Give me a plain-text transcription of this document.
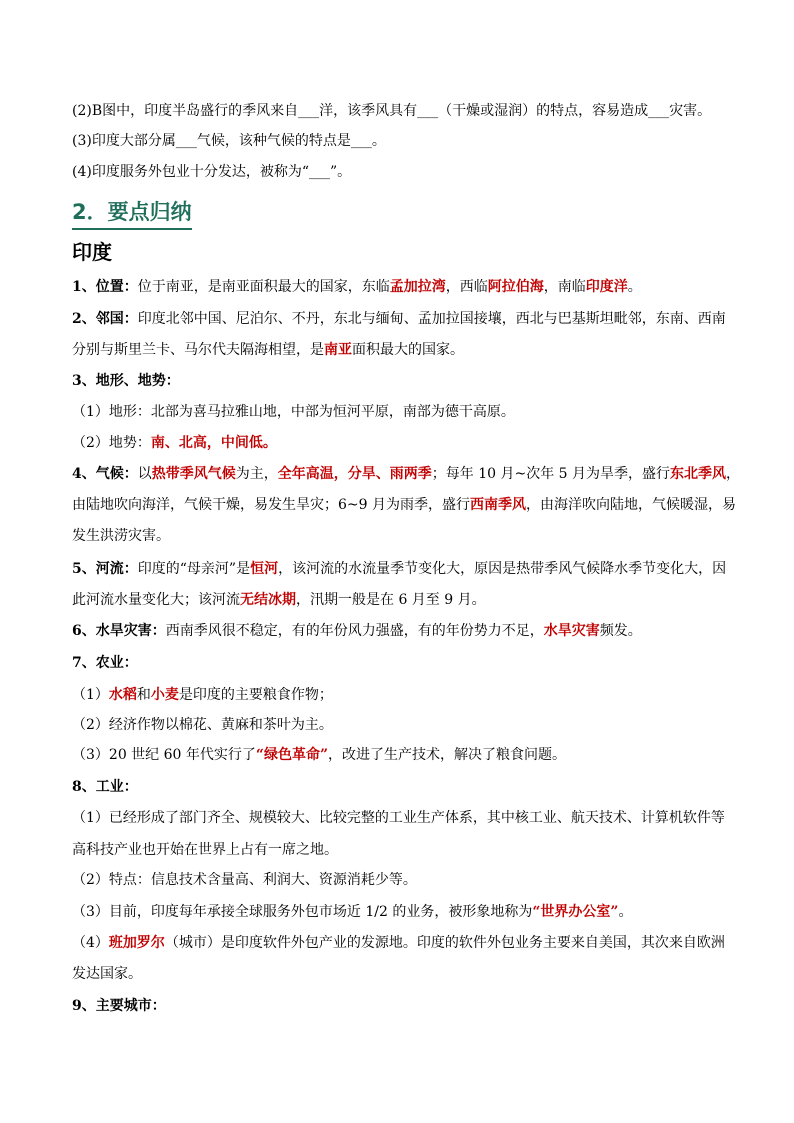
(2)B图中，印度半岛盛行的季风来自___洋，该季风具有___（干燥或湿润）的特点，容易造成___灾害。
(3)印度大部分属___气候，该种气候的特点是___。
(4)印度服务外包业十分发达，被称为“___”。
2．要点归纳
印度
1、位置：位于南亚，是南亚面积最大的国家，东临孟加拉湾，西临阿拉伯海，南临印度洋。
2、邻国：印度北邻中国、尼泊尔、不丹，东北与缅甸、孟加拉国接壤，西北与巴基斯坦毗邻，东南、西南
分别与斯里兰卡、马尔代夫隔海相望，是南亚面积最大的国家。
3、地形、地势：
（1）地形：北部为喜马拉雅山地，中部为恒河平原，南部为德干高原。
（2）地势：南、北高，中间低。
4、气候：以热带季风气候为主，全年高温，分旱、雨两季；每年 10 月~次年 5 月为旱季，盛行东北季风，
由陆地吹向海洋，气候干燥，易发生旱灾；6~9 月为雨季，盛行西南季风，由海洋吹向陆地，气候暖湿，易
发生洪涝灾害。
5、河流：印度的“母亲河”是恒河，该河流的水流量季节变化大，原因是热带季风气候降水季节变化大，因
此河流水量变化大；该河流无结冰期，汛期一般是在 6 月至 9 月。
6、水旱灾害：西南季风很不稳定，有的年份风力强盛，有的年份势力不足，水旱灾害频发。
7、农业：
（1）水稻和小麦是印度的主要粮食作物；
（2）经济作物以棉花、黄麻和茶叶为主。
（3）20 世纪 60 年代实行了“绿色革命”，改进了生产技术，解决了粮食问题。
8、工业：
（1）已经形成了部门齐全、规模较大、比较完整的工业生产体系，其中核工业、航天技术、计算机软件等
高科技产业也开始在世界上占有一席之地。
（2）特点：信息技术含量高、利润大、资源消耗少等。
（3）目前，印度每年承接全球服务外包市场近 1/2 的业务，被形象地称为“世界办公室”。
（4）班加罗尔（城市）是印度软件外包产业的发源地。印度的软件外包业务主要来自美国，其次来自欧洲
发达国家。
9、主要城市：
